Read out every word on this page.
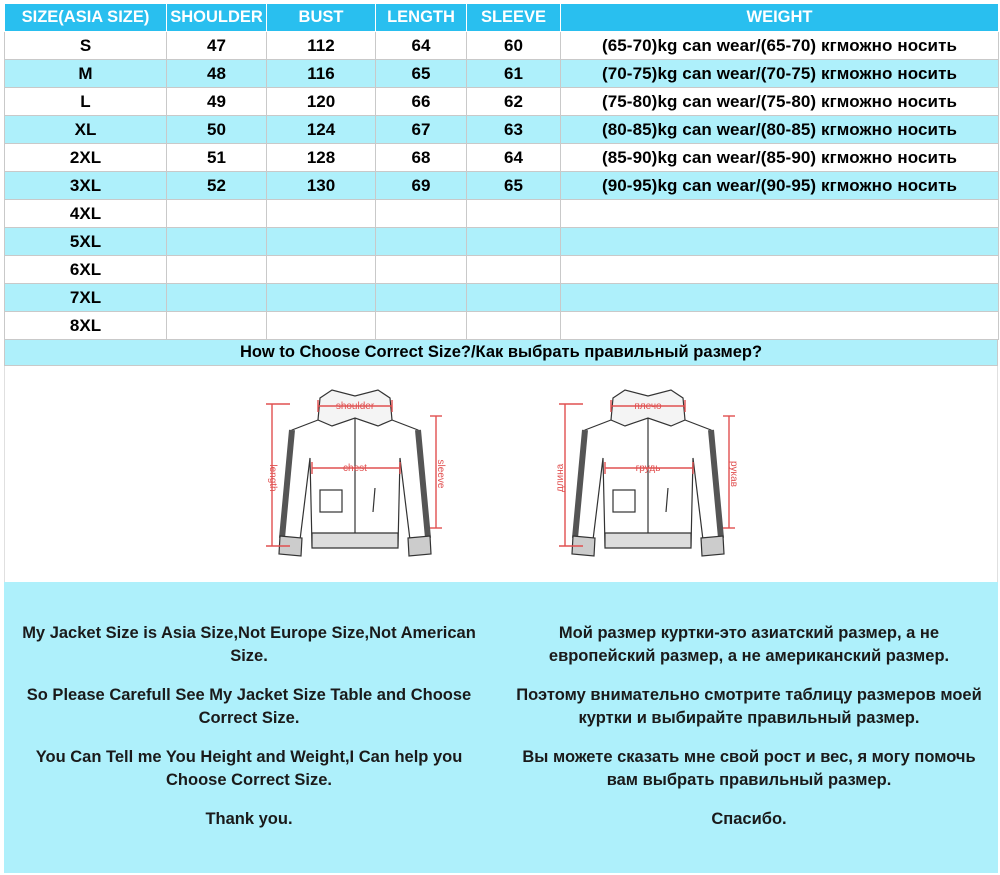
SIZE(ASIA SIZE)	SHOULDER	BUST	LENGTH	SLEEVE	WEIGHT
S	47	112	64	60	(65-70)kg can wear/(65-70) кгможно носить
M	48	116	65	61	(70-75)kg can wear/(70-75) кгможно носить
L	49	120	66	62	(75-80)kg can wear/(75-80) кгможно носить
XL	50	124	67	63	(80-85)kg can wear/(80-85) кгможно носить
2XL	51	128	68	64	(85-90)kg can wear/(85-90) кгможно носить
3XL	52	130	69	65	(90-95)kg can wear/(90-95) кгможно носить
4XL					
5XL					
6XL					
7XL					
8XL					
How to Choose Correct Size?/Как выбрать правильный размер?
shoulder
chest
length	sleeve
плечо
грудь
длина	рукав

My Jacket Size is Asia Size,Not Europe Size,Not American Size.

So Please Carefull See My Jacket Size Table and Choose Correct Size.

You Can Tell me You Height and Weight,I Can help you Choose Correct Size.

Thank you.

Мой размер куртки-это азиатский размер, а не европейский размер, а не американский размер.

Поэтому внимательно смотрите таблицу размеров моей куртки и выбирайте правильный размер.

Вы можете сказать мне свой рост и вес, я могу помочь вам выбрать правильный размер.

Спасибо.
